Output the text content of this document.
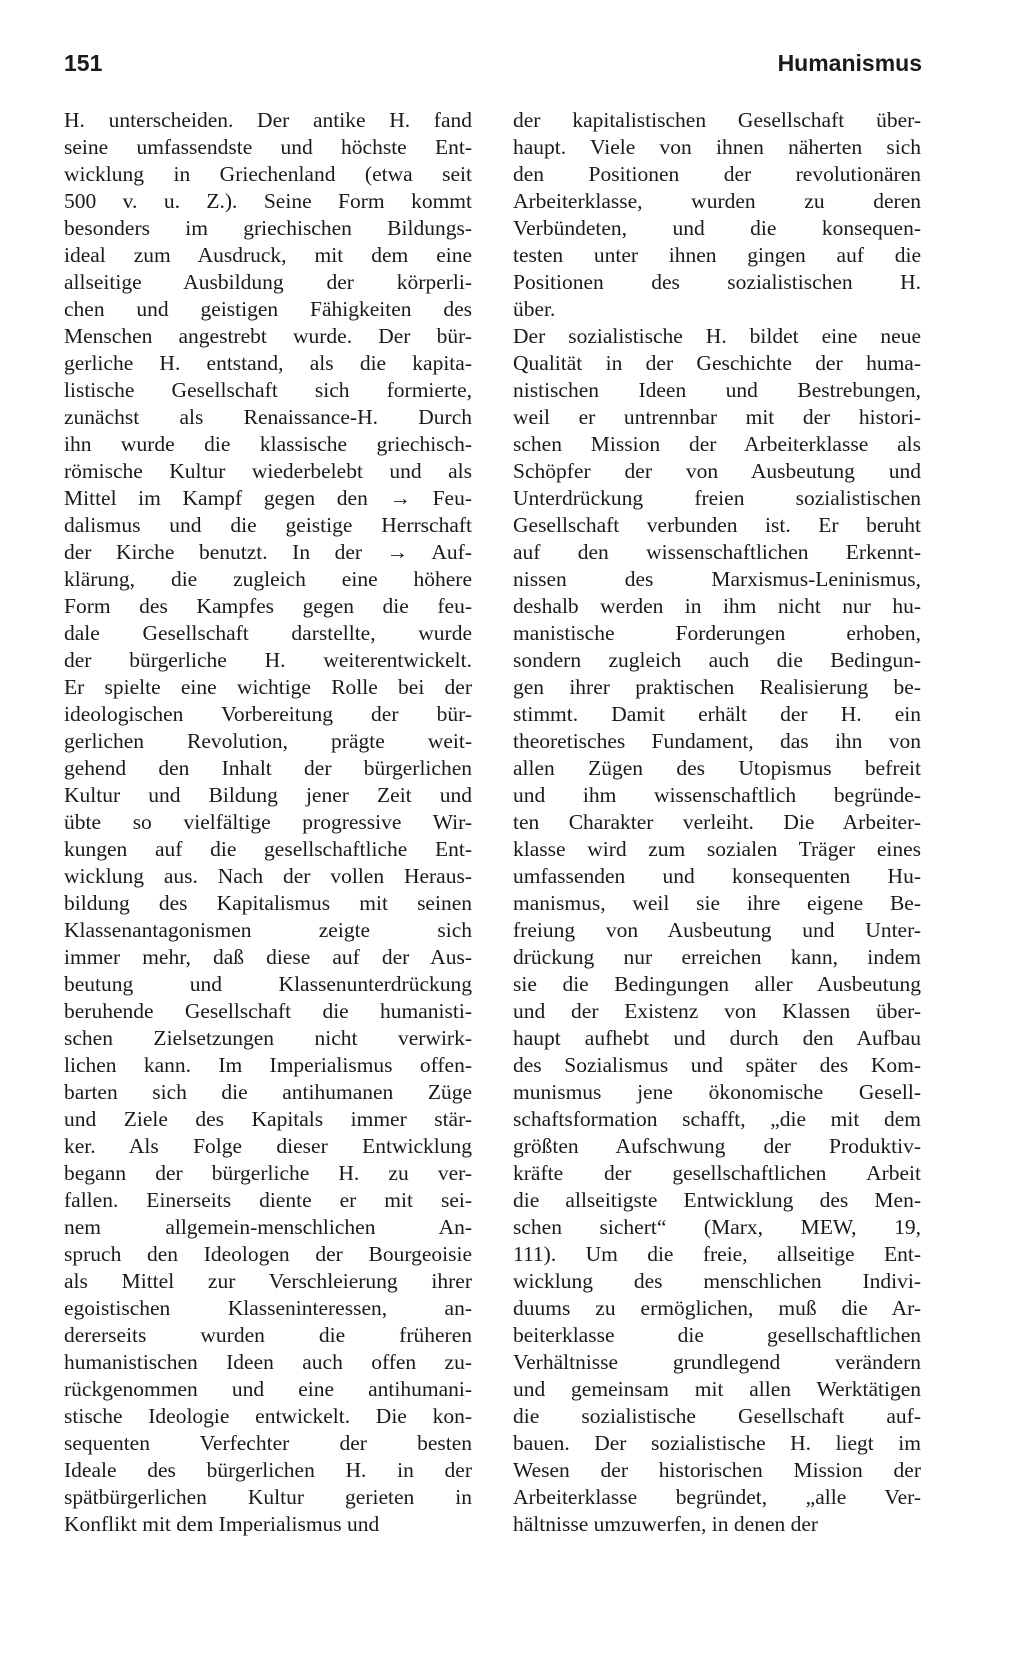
151	Humanismus
H. unterscheiden. Der antike H. fand
seine umfassendste und höchste Ent-
wicklung in Griechenland (etwa seit
500 v. u. Z.). Seine Form kommt
besonders im griechischen Bildungs-
ideal zum Ausdruck, mit dem eine
allseitige Ausbildung der körperli-
chen und geistigen Fähigkeiten des
Menschen angestrebt wurde. Der bür-
gerliche H. entstand, als die kapita-
listische Gesellschaft sich formierte,
zunächst als Renaissance-H. Durch
ihn wurde die klassische griechisch-
römische Kultur wiederbelebt und als
Mittel im Kampf gegen den → Feu-
dalismus und die geistige Herrschaft
der Kirche benutzt. In der → Auf-
klärung, die zugleich eine höhere
Form des Kampfes gegen die feu-
dale Gesellschaft darstellte, wurde
der bürgerliche H. weiterentwickelt.
Er spielte eine wichtige Rolle bei der
ideologischen Vorbereitung der bür-
gerlichen Revolution, prägte weit-
gehend den Inhalt der bürgerlichen
Kultur und Bildung jener Zeit und
übte so vielfältige progressive Wir-
kungen auf die gesellschaftliche Ent-
wicklung aus. Nach der vollen Heraus-
bildung des Kapitalismus mit seinen
Klassenantagonismen zeigte sich
immer mehr, daß diese auf der Aus-
beutung und Klassenunterdrückung
beruhende Gesellschaft die humanisti-
schen Zielsetzungen nicht verwirk-
lichen kann. Im Imperialismus offen-
barten sich die antihumanen Züge
und Ziele des Kapitals immer stär-
ker. Als Folge dieser Entwicklung
begann der bürgerliche H. zu ver-
fallen. Einerseits diente er mit sei-
nem allgemein-menschlichen An-
spruch den Ideologen der Bourgeoisie
als Mittel zur Verschleierung ihrer
egoistischen Klasseninteressen, an-
dererseits wurden die früheren
humanistischen Ideen auch offen zu-
rückgenommen und eine antihumani-
stische Ideologie entwickelt. Die kon-
sequenten Verfechter der besten
Ideale des bürgerlichen H. in der
spätbürgerlichen Kultur gerieten in
Konflikt mit dem Imperialismus und
der kapitalistischen Gesellschaft über-
haupt. Viele von ihnen näherten sich
den Positionen der revolutionären
Arbeiterklasse, wurden zu deren
Verbündeten, und die konsequen-
testen unter ihnen gingen auf die
Positionen des sozialistischen H.
über.
Der sozialistische H. bildet eine neue
Qualität in der Geschichte der huma-
nistischen Ideen und Bestrebungen,
weil er untrennbar mit der histori-
schen Mission der Arbeiterklasse als
Schöpfer der von Ausbeutung und
Unterdrückung freien sozialistischen
Gesellschaft verbunden ist. Er beruht
auf den wissenschaftlichen Erkennt-
nissen des Marxismus-Leninismus,
deshalb werden in ihm nicht nur hu-
manistische Forderungen erhoben,
sondern zugleich auch die Bedingun-
gen ihrer praktischen Realisierung be-
stimmt. Damit erhält der H. ein
theoretisches Fundament, das ihn von
allen Zügen des Utopismus befreit
und ihm wissenschaftlich begründe-
ten Charakter verleiht. Die Arbeiter-
klasse wird zum sozialen Träger eines
umfassenden und konsequenten Hu-
manismus, weil sie ihre eigene Be-
freiung von Ausbeutung und Unter-
drückung nur erreichen kann, indem
sie die Bedingungen aller Ausbeutung
und der Existenz von Klassen über-
haupt aufhebt und durch den Aufbau
des Sozialismus und später des Kom-
munismus jene ökonomische Gesell-
schaftsformation schafft, „die mit dem
größten Aufschwung der Produktiv-
kräfte der gesellschaftlichen Arbeit
die allseitigste Entwicklung des Men-
schen sichert“ (Marx, MEW, 19,
111). Um die freie, allseitige Ent-
wicklung des menschlichen Indivi-
duums zu ermöglichen, muß die Ar-
beiterklasse die gesellschaftlichen
Verhältnisse grundlegend verändern
und gemeinsam mit allen Werktätigen
die sozialistische Gesellschaft auf-
bauen. Der sozialistische H. liegt im
Wesen der historischen Mission der
Arbeiterklasse begründet, „alle Ver-
hältnisse umzuwerfen, in denen der
